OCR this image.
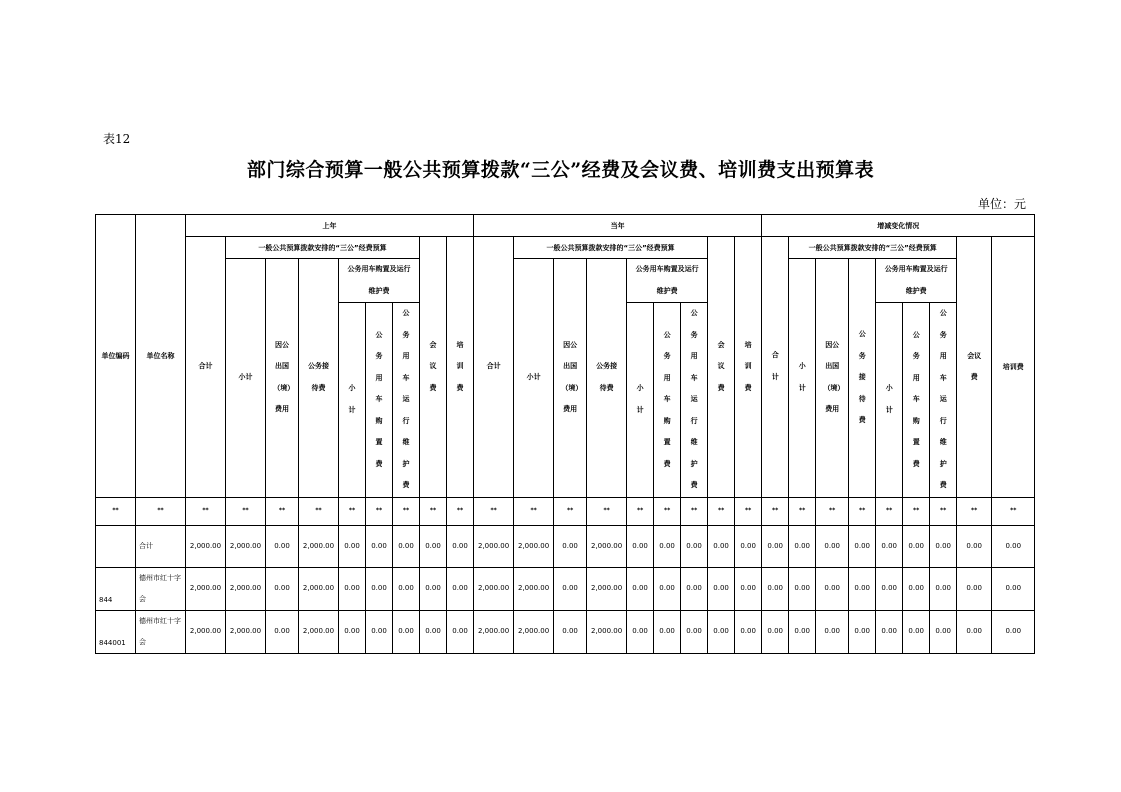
表12
部门综合预算一般公共预算拨款“三公”经费及会议费、培训费支出预算表
单位：元
单位编码	单位名称	上年									当年									增减变化情况								
		合计	一般公共预算拨款安排的“三公”经费预算						会议费	培训费	合计	一般公共预算拨款安排的“三公”经费预算						会议费	培训费	合计	一般公共预算拨款安排的“三公”经费预算						会议费	培训费
			小计	因公出国（境）费用	公务接待费	公务用车购置及运行维护费						小计	因公出国（境）费用	公务接待费	公务用车购置及运行维护费						小计	因公出国（境）费用	公务接待费	公务用车购置及运行维护费				
						小计	公务用车购置费	公务用车运行维护费							小计	公务用车购置费	公务用车运行维护费							小计	公务用车购置费	公务用车运行维护费		
**	**	**	**	**	**	**	**	**	**	**	**	**	**	**	**	**	**	**	**	**	**	**	**	**	**	**	**	**
	合计	2,000.00	2,000.00	0.00	2,000.00	0.00	0.00	0.00	0.00	0.00	2,000.00	2,000.00	0.00	2,000.00	0.00	0.00	0.00	0.00	0.00	0.00	0.00	0.00	0.00	0.00	0.00	0.00	0.00	0.00
844	德州市红十字会	2,000.00	2,000.00	0.00	2,000.00	0.00	0.00	0.00	0.00	0.00	2,000.00	2,000.00	0.00	2,000.00	0.00	0.00	0.00	0.00	0.00	0.00	0.00	0.00	0.00	0.00	0.00	0.00	0.00	0.00
844001	德州市红十字会	2,000.00	2,000.00	0.00	2,000.00	0.00	0.00	0.00	0.00	0.00	2,000.00	2,000.00	0.00	2,000.00	0.00	0.00	0.00	0.00	0.00	0.00	0.00	0.00	0.00	0.00	0.00	0.00	0.00	0.00
